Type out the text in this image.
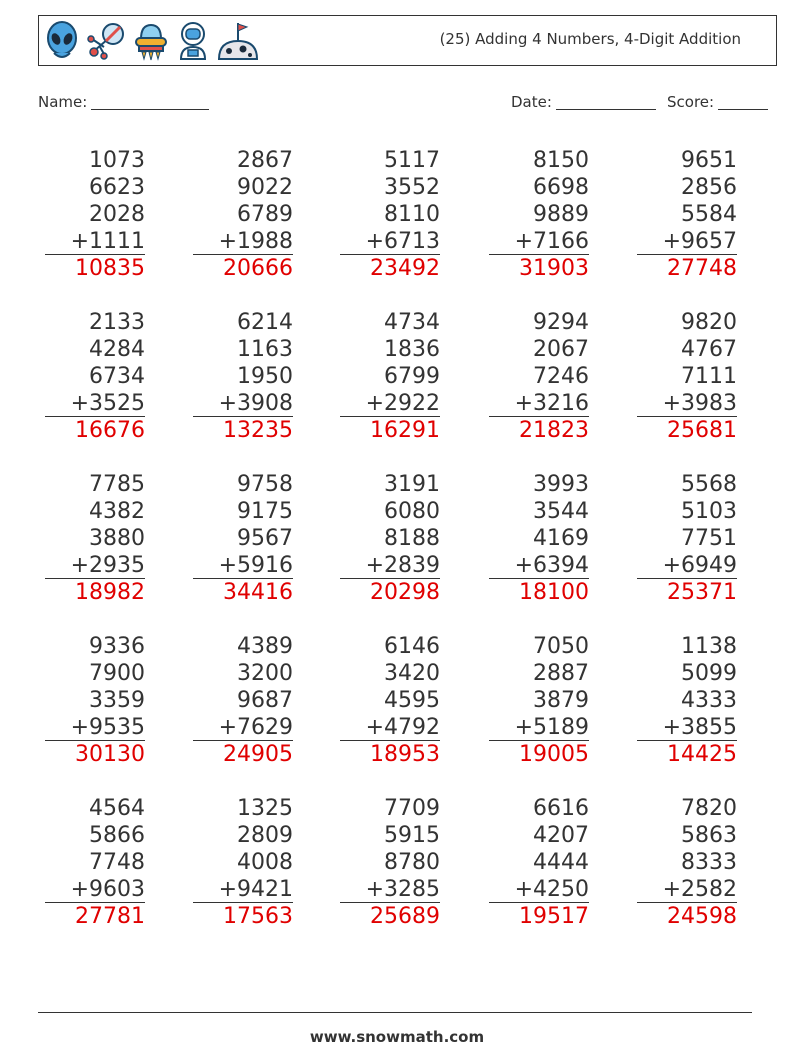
(25) Adding 4 Numbers, 4-Digit Addition
Name:	Date:	Score:
1073
6623
2028
+1111
10835
2867
9022
6789
+1988
20666
5117
3552
8110
+6713
23492
8150
6698
9889
+7166
31903
9651
2856
5584
+9657
27748
2133
4284
6734
+3525
16676
6214
1163
1950
+3908
13235
4734
1836
6799
+2922
16291
9294
2067
7246
+3216
21823
9820
4767
7111
+3983
25681
7785
4382
3880
+2935
18982
9758
9175
9567
+5916
34416
3191
6080
8188
+2839
20298
3993
3544
4169
+6394
18100
5568
5103
7751
+6949
25371
9336
7900
3359
+9535
30130
4389
3200
9687
+7629
24905
6146
3420
4595
+4792
18953
7050
2887
3879
+5189
19005
1138
5099
4333
+3855
14425
4564
5866
7748
+9603
27781
1325
2809
4008
+9421
17563
7709
5915
8780
+3285
25689
6616
4207
4444
+4250
19517
7820
5863
8333
+2582
24598
www.snowmath.com
